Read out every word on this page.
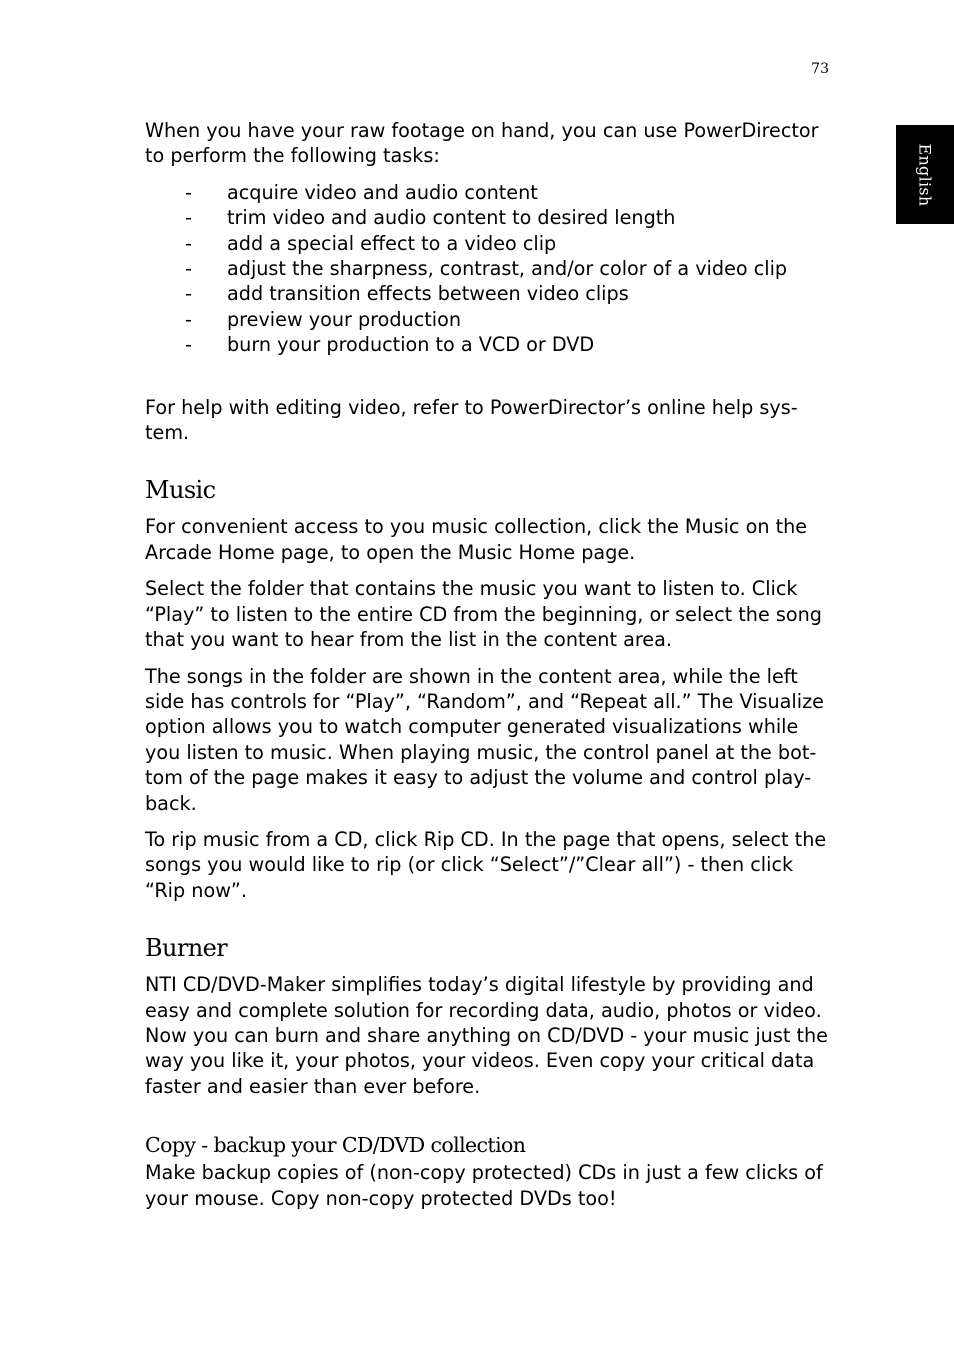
73
English

When you have your raw footage on hand, you can use PowerDirector to perform the following tasks:

- acquire video and audio content
- trim video and audio content to desired length
- add a special effect to a video clip
- adjust the sharpness, contrast, and/or color of a video clip
- add transition effects between video clips
- preview your production
- burn your production to a VCD or DVD

For help with editing video, refer to PowerDirector’s online help sys-tem.

Music

For convenient access to you music collection, click the Music on the Arcade Home page, to open the Music Home page.

Select the folder that contains the music you want to listen to. Click “Play” to listen to the entire CD from the beginning, or select the song that you want to hear from the list in the content area.

The songs in the folder are shown in the content area, while the left side has controls for “Play”, “Random”, and “Repeat all.” The Visualize option allows you to watch computer generated visualizations while you listen to music. When playing music, the control panel at the bot-tom of the page makes it easy to adjust the volume and control play-back.

To rip music from a CD, click Rip CD. In the page that opens, select the songs you would like to rip (or click “Select”/”Clear all”) - then click “Rip now”.

Burner

NTI CD/DVD-Maker simplifies today’s digital lifestyle by providing and easy and complete solution for recording data, audio, photos or video. Now you can burn and share anything on CD/DVD - your music just the way you like it, your photos, your videos. Even copy your critical data faster and easier than ever before.

Copy - backup your CD/DVD collection

Make backup copies of (non-copy protected) CDs in just a few clicks of your mouse. Copy non-copy protected DVDs too!
